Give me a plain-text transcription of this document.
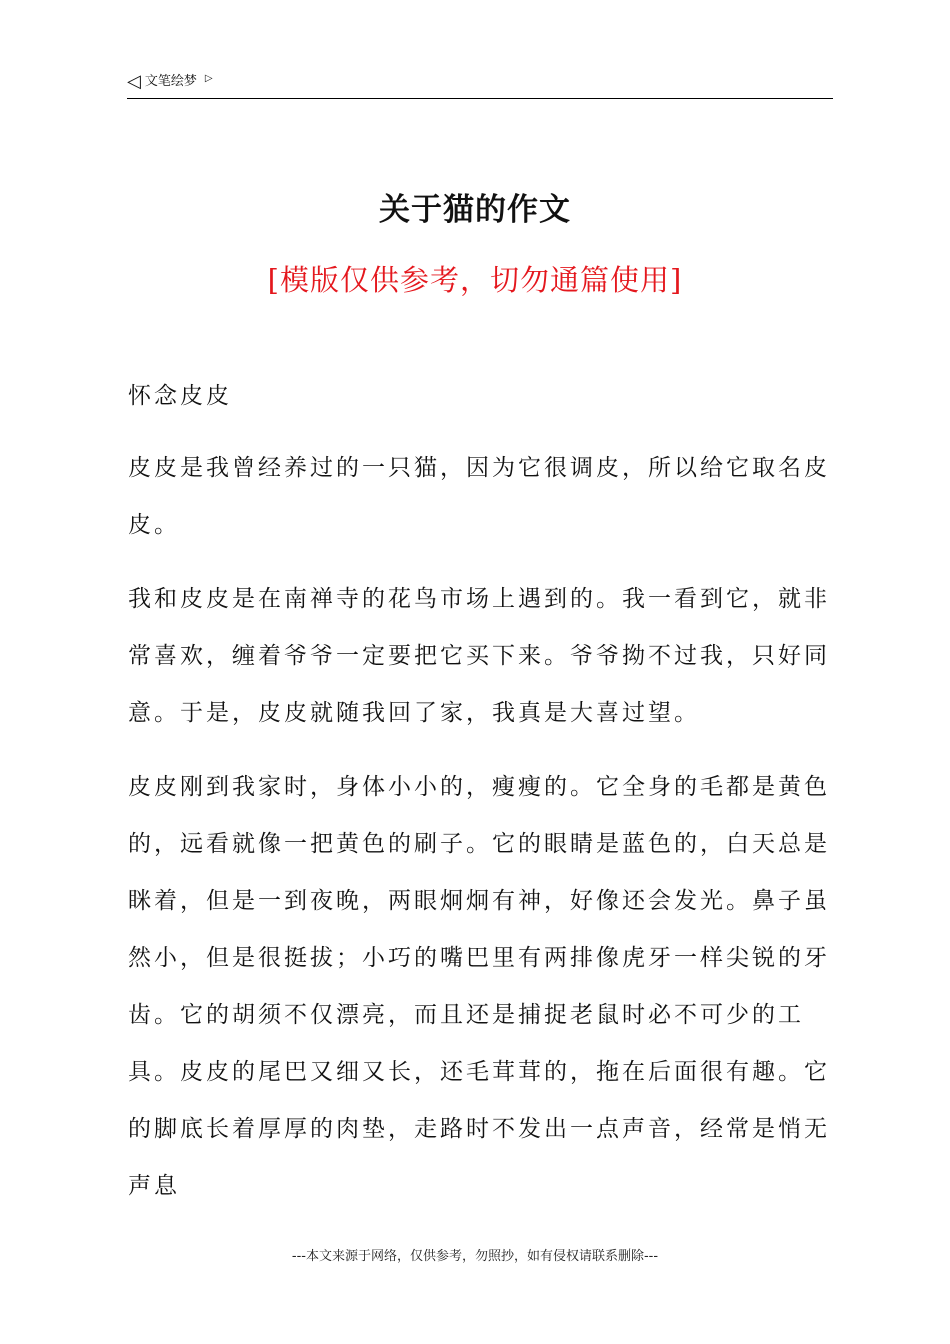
◁ 文笔绘梦 ▷
关于猫的作文
[模版仅供参考，切勿通篇使用]

怀念皮皮

皮皮是我曾经养过的一只猫，因为它很调皮，所以给它取名皮皮。

我和皮皮是在南禅寺的花鸟市场上遇到的。我一看到它，就非常喜欢，缠着爷爷一定要把它买下来。爷爷拗不过我，只好同意。于是，皮皮就随我回了家，我真是大喜过望。

皮皮刚到我家时，身体小小的，瘦瘦的。它全身的毛都是黄色的，远看就像一把黄色的刷子。它的眼睛是蓝色的，白天总是眯着，但是一到夜晚，两眼炯炯有神，好像还会发光。鼻子虽然小，但是很挺拔；小巧的嘴巴里有两排像虎牙一样尖锐的牙齿。它的胡须不仅漂亮，而且还是捕捉老鼠时必不可少的工具。皮皮的尾巴又细又长，还毛茸茸的，拖在后面很有趣。它的脚底长着厚厚的肉垫，走路时不发出一点声音，经常是悄无声息

---本文来源于网络，仅供参考，勿照抄，如有侵权请联系删除---
